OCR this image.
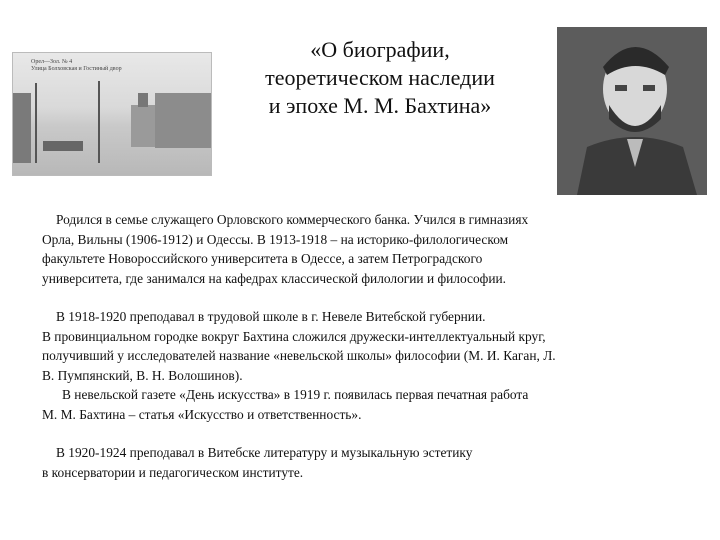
Орел—Зол. № 4
Улица Болховская и Гостиный двор
«О биографии,
теоретическом наследии
и эпохе М. М. Бахтина»

Родился в семье служащего Орловского коммерческого банка. Учился в гимназиях

Орла, Вильны (1906-1912) и Одессы. В 1913-1918 – на историко-филологическом

факультете Новороссийского университета в Одессе, а затем Петроградского

университета, где занимался на кафедрах классической филологии и философии.

В 1918-1920 преподавал в трудовой школе в г. Невеле Витебской губернии.

В провинциальном городке вокруг Бахтина сложился дружески-интеллектуальный круг,

получивший у исследователей название «невельской школы» философии (М. И. Каган, Л.

В. Пумпянский, В. Н. Волошинов).

В невельской газете «День искусства» в 1919 г. появилась первая печатная работа

М. М. Бахтина – статья «Искусство и ответственность».

В 1920-1924 преподавал в Витебске литературу и музыкальную эстетику

в консерватории и педагогическом институте.
